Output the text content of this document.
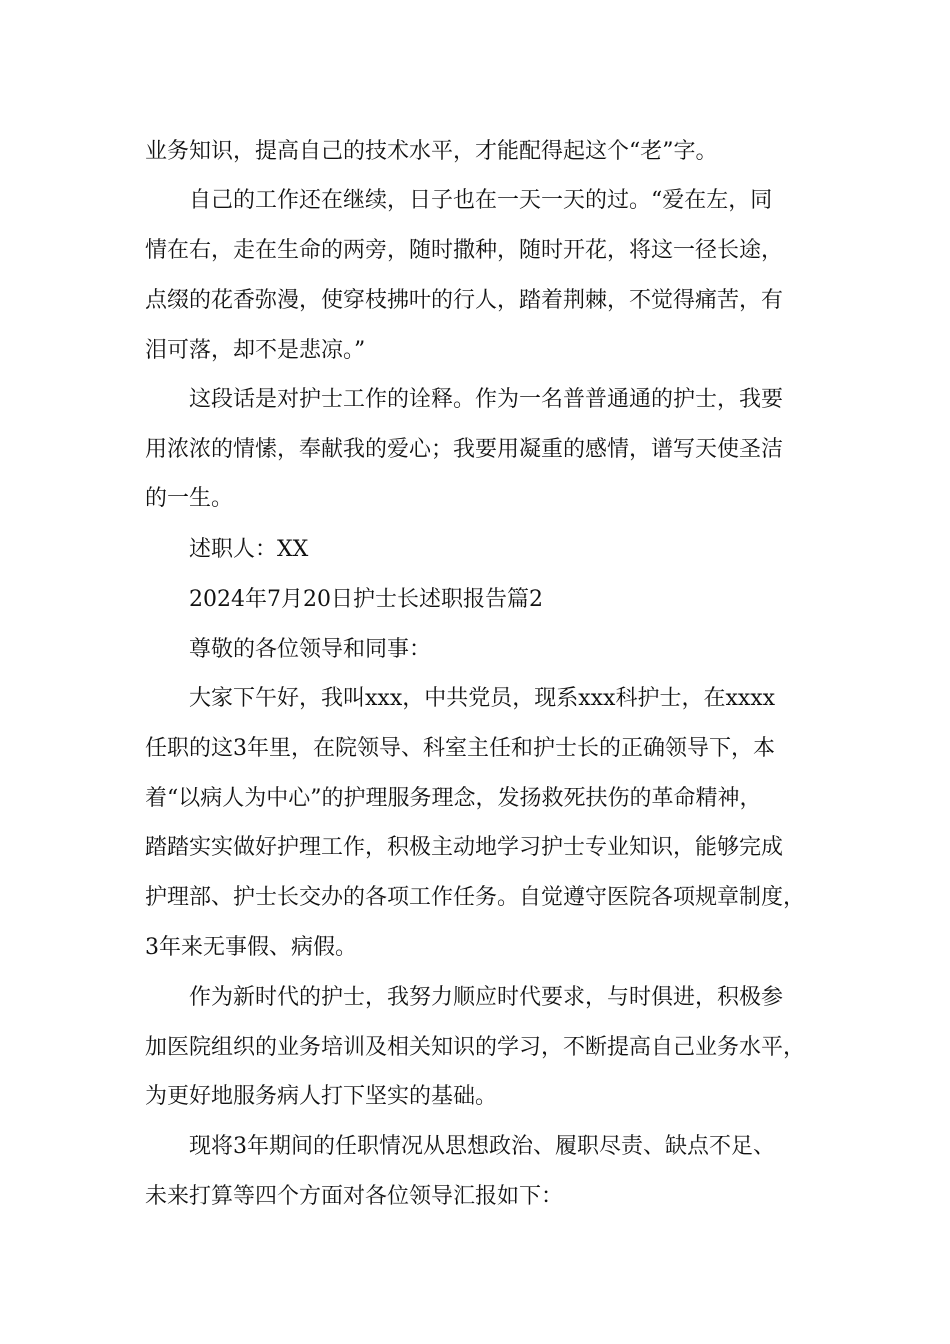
业务知识，提高自己的技术水平，才能配得起这个“老”字。

自己的工作还在继续，日子也在一天一天的过。“爱在左，同

情在右，走在生命的两旁，随时撒种，随时开花，将这一径长途，

点缀的花香弥漫，使穿枝拂叶的行人，踏着荆棘，不觉得痛苦，有

泪可落，却不是悲凉。”

这段话是对护士工作的诠释。作为一名普普通通的护士，我要

用浓浓的情愫，奉献我的爱心；我要用凝重的感情，谱写天使圣洁

的一生。

述职人：XX

2024年7月20日护士长述职报告篇2

尊敬的各位领导和同事：

大家下午好，我叫xxx，中共党员，现系xxx科护士，在xxxx

任职的这3年里，在院领导、科室主任和护士长的正确领导下，本

着“以病人为中心”的护理服务理念，发扬救死扶伤的革命精神，

踏踏实实做好护理工作，积极主动地学习护士专业知识，能够完成

护理部、护士长交办的各项工作任务。自觉遵守医院各项规章制度，

3年来无事假、病假。

作为新时代的护士，我努力顺应时代要求，与时俱进，积极参

加医院组织的业务培训及相关知识的学习，不断提高自己业务水平，

为更好地服务病人打下坚实的基础。

现将3年期间的任职情况从思想政治、履职尽责、缺点不足、

未来打算等四个方面对各位领导汇报如下：
